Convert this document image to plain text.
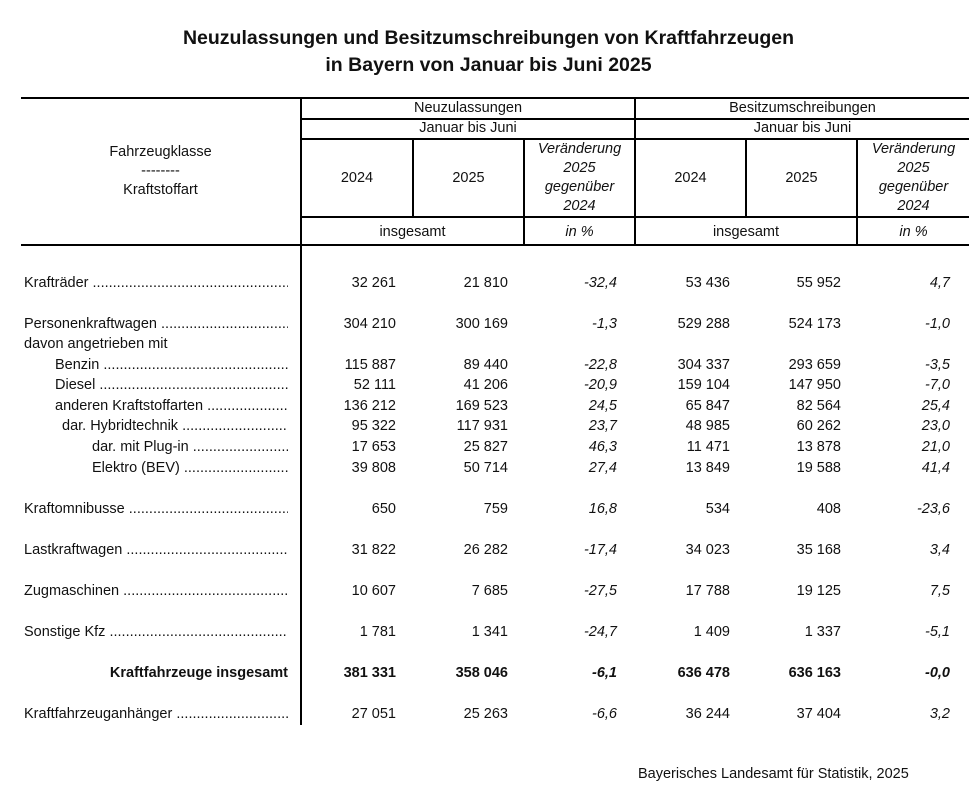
Neuzulassungen und Besitzumschreibungen von Kraftfahrzeugen
in Bayern von Januar bis Juni 2025
Fahrzeugklasse
--------
Kraftstoffart
Neuzulassungen
Januar bis Juni
2024	2025
Veränderung
2025
gegenüber
2024
insgesamt	in %
Besitzumschreibungen
Januar bis Juni
2024	2025
Veränderung
2025
gegenüber
2024
insgesamt	in %
Krafträder .....	32 261	21 810	-32,4	53 436	55 952	4,7
Personenkraftwagen .....	304 210	300 169	-1,3	529 288	524 173	-1,0
davon angetrieben mit
Benzin .....	115 887	89 440	-22,8	304 337	293 659	-3,5
Diesel .....	52 111	41 206	-20,9	159 104	147 950	-7,0
anderen Kraftstoffarten .....	136 212	169 523	24,5	65 847	82 564	25,4
dar. Hybridtechnik .....	95 322	117 931	23,7	48 985	60 262	23,0
dar. mit Plug-in .....	17 653	25 827	46,3	11 471	13 878	21,0
Elektro (BEV) .....	39 808	50 714	27,4	13 849	19 588	41,4
Kraftomnibusse .....	650	759	16,8	534	408	-23,6
Lastkraftwagen .....	31 822	26 282	-17,4	34 023	35 168	3,4
Zugmaschinen .....	10 607	7 685	-27,5	17 788	19 125	7,5
Sonstige Kfz .....	1 781	1 341	-24,7	1 409	1 337	-5,1
Kraftfahrzeuge insgesamt	381 331	358 046	-6,1	636 478	636 163	-0,0
Kraftfahrzeuganhänger .....	27 051	25 263	-6,6	36 244	37 404	3,2
Bayerisches Landesamt für Statistik, 2025
